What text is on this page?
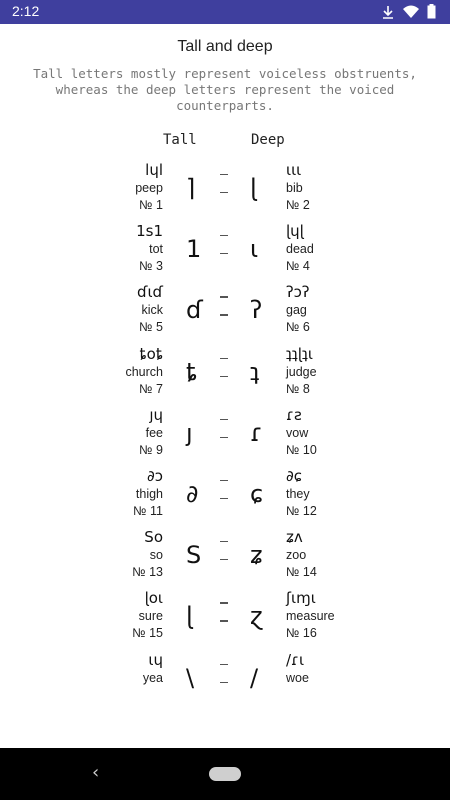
2:12
Tall and deep
Tall letters mostly represent voiceless obstruents, whereas the deep letters represent the voiced counterparts.
Tall	Deep
lɥl
peep
№ 1
ɩɩɩ
bib
№ 2
⌉ ɭ
1s1
tot
№ 3
ɭɥɭ
dead
№ 4
1 ɩ
ɗɩɗ
kick
№ 5
ʔɔʔ
gag
№ 6
ɗ ʔ
ȶoȶ
church
№ 7
ʇʇɭʇɩ
judge
№ 8
ȶ ʇ
ȷɥ
fee
№ 9
ɾƨ
vow
№ 10
ȷ ɾ
∂ɔ
thigh
№ 11
∂ɕ
they
№ 12
∂ ɕ
So
so
№ 13
ʑʌ
zoo
№ 14
S ʑ
ɭoɩ
sure
№ 15
ʃɩɱɩ
measure
№ 16
ɭ ɀ
ɩɥ
yea
/ɾɩ
woe
\ /
‹
